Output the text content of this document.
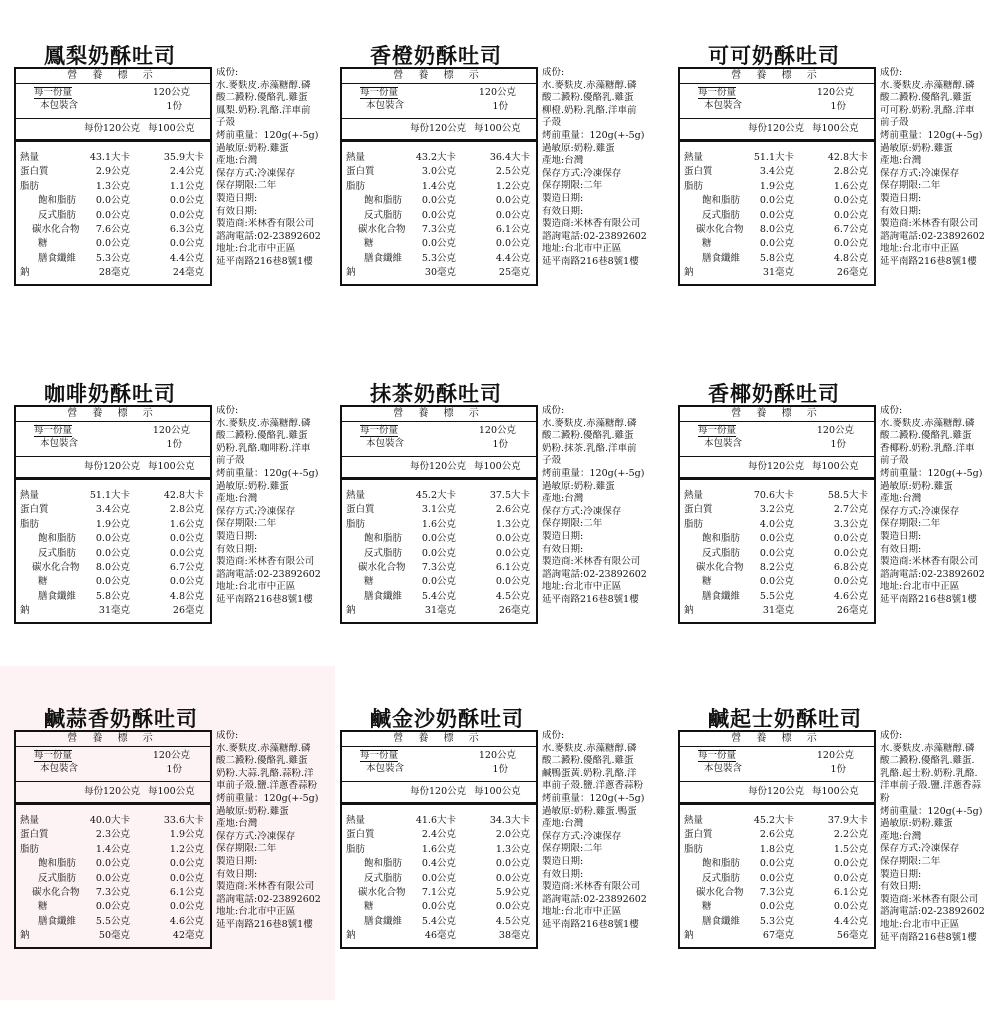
鳳梨奶酥吐司
營 養 標 示
每一份量	120公克
本包裝含	1份
每份120公克 每100公克
熱量	43.1大卡	35.9大卡
蛋白質	2.9公克	2.4公克
脂肪	1.3公克	1.1公克
飽和脂肪 0.0公克	0.0公克
反式脂肪 0.0公克	0.0公克
碳水化合物 7.6公克	6.3公克
糖	0.0公克	0.0公克
膳食纖維 5.3公克	4.4公克
鈉	28毫克	24毫克
成份:
水.麥麩皮.赤藻糖醇.磷
酸二澱粉.優酪乳.雞蛋
鳳梨.奶粉.乳酪.洋車前
子殼
烤前重量：120g(+-5g)
過敏原:奶粉.雞蛋
產地:台灣
保存方式:冷凍保存
保存期限:二年
製造日期:
有效日期:
製造商:米林香有限公司
諮詢電話:02-23892602
地址:台北市中正區
延平南路216巷8號1樓
香橙奶酥吐司
營 養 標 示
每一份量	120公克
本包裝含	1份
每份120公克 每100公克
熱量	43.2大卡	36.4大卡
蛋白質	3.0公克	2.5公克
脂肪	1.4公克	1.2公克
飽和脂肪 0.0公克	0.0公克
反式脂肪 0.0公克	0.0公克
碳水化合物 7.3公克	6.1公克
糖	0.0公克	0.0公克
膳食纖維 5.3公克	4.4公克
鈉	30毫克	25毫克
成份:
水.麥麩皮.赤藻糖醇.磷
酸二澱粉.優酪乳.雞蛋
柳橙.奶粉.乳酪.洋車前
子殼
烤前重量：120g(+-5g)
過敏原:奶粉.雞蛋
產地:台灣
保存方式:冷凍保存
保存期限:二年
製造日期:
有效日期:
製造商:米林香有限公司
諮詢電話:02-23892602
地址:台北市中正區
延平南路216巷8號1樓
可可奶酥吐司
營 養 標 示
每一份量	120公克
本包裝含	1份
每份120公克 每100公克
熱量	51.1大卡	42.8大卡
蛋白質	3.4公克	2.8公克
脂肪	1.9公克	1.6公克
飽和脂肪 0.0公克	0.0公克
反式脂肪 0.0公克	0.0公克
碳水化合物 8.0公克	6.7公克
糖	0.0公克	0.0公克
膳食纖維 5.8公克	4.8公克
鈉	31毫克	26毫克
成份:
水.麥麩皮.赤藻糖醇.磷
酸二澱粉.優酪乳.雞蛋
可可粉.奶粉.乳酪.洋車
前子殼
烤前重量：120g(+-5g)
過敏原:奶粉.雞蛋
產地:台灣
保存方式:冷凍保存
保存期限:二年
製造日期:
有效日期:
製造商:米林香有限公司
諮詢電話:02-23892602
地址:台北市中正區
延平南路216巷8號1樓
咖啡奶酥吐司
營 養 標 示
每一份量	120公克
本包裝含	1份
每份120公克 每100公克
熱量	51.1大卡	42.8大卡
蛋白質	3.4公克	2.8公克
脂肪	1.9公克	1.6公克
飽和脂肪 0.0公克	0.0公克
反式脂肪 0.0公克	0.0公克
碳水化合物 8.0公克	6.7公克
糖	0.0公克	0.0公克
膳食纖維 5.8公克	4.8公克
鈉	31毫克	26毫克
成份:
水.麥麩皮.赤藻糖醇.磷
酸二澱粉.優酪乳.雞蛋
奶粉.乳酪.咖啡粉.洋車
前子殼
烤前重量：120g(+-5g)
過敏原:奶粉.雞蛋
產地:台灣
保存方式:冷凍保存
保存期限:二年
製造日期:
有效日期:
製造商:米林香有限公司
諮詢電話:02-23892602
地址:台北市中正區
延平南路216巷8號1樓
抹茶奶酥吐司
營 養 標 示
每一份量	120公克
本包裝含	1份
每份120公克 每100公克
熱量	45.2大卡	37.5大卡
蛋白質	3.1公克	2.6公克
脂肪	1.6公克	1.3公克
飽和脂肪 0.0公克	0.0公克
反式脂肪 0.0公克	0.0公克
碳水化合物 7.3公克	6.1公克
糖	0.0公克	0.0公克
膳食纖維 5.4公克	4.5公克
鈉	31毫克	26毫克
成份:
水.麥麩皮.赤藻糖醇.磷
酸二澱粉.優酪乳.雞蛋
奶粉.抹茶.乳酪.洋車前
子殼
烤前重量：120g(+-5g)
過敏原:奶粉.雞蛋
產地:台灣
保存方式:冷凍保存
保存期限:二年
製造日期:
有效日期:
製造商:米林香有限公司
諮詢電話:02-23892602
地址:台北市中正區
延平南路216巷8號1樓
香椰奶酥吐司
營 養 標 示
每一份量	120公克
本包裝含	1份
每份120公克 每100公克
熱量	70.6大卡	58.5大卡
蛋白質	3.2公克	2.7公克
脂肪	4.0公克	3.3公克
飽和脂肪 0.0公克	0.0公克
反式脂肪 0.0公克	0.0公克
碳水化合物 8.2公克	6.8公克
糖	0.0公克	0.0公克
膳食纖維 5.5公克	4.6公克
鈉	31毫克	26毫克
成份:
水.麥麩皮.赤藻糖醇.磷
酸二澱粉.優酪乳.雞蛋
香椰粉.奶粉.乳酪.洋車
前子殼
烤前重量：120g(+-5g)
過敏原:奶粉.雞蛋
產地:台灣
保存方式:冷凍保存
保存期限:二年
製造日期:
有效日期:
製造商:米林香有限公司
諮詢電話:02-23892602
地址:台北市中正區
延平南路216巷8號1樓
鹹蒜香奶酥吐司
營 養 標 示
每一份量	120公克
本包裝含	1份
每份120公克 每100公克
熱量	40.0大卡	33.6大卡
蛋白質	2.3公克	1.9公克
脂肪	1.4公克	1.2公克
飽和脂肪 0.0公克	0.0公克
反式脂肪 0.0公克	0.0公克
碳水化合物 7.3公克	6.1公克
糖	0.0公克	0.0公克
膳食纖維 5.5公克	4.6公克
鈉	50毫克	42毫克
成份:
水.麥麩皮.赤藻糖醇.磷
酸二澱粉.優酪乳.雞蛋
奶粉.大蒜.乳酪.蒜粉.洋
車前子殼.鹽.洋蔥香蒜粉
烤前重量：120g(+-5g)
過敏原:奶粉.雞蛋
產地:台灣
保存方式:冷凍保存
保存期限:二年
製造日期:
有效日期:
製造商:米林香有限公司
諮詢電話:02-23892602
地址:台北市中正區
延平南路216巷8號1樓
鹹金沙奶酥吐司
營 養 標 示
每一份量	120公克
本包裝含	1份
每份120公克 每100公克
熱量	41.6大卡	34.3大卡
蛋白質	2.4公克	2.0公克
脂肪	1.6公克	1.3公克
飽和脂肪 0.4公克	0.0公克
反式脂肪 0.0公克	0.0公克
碳水化合物 7.1公克	5.9公克
糖	0.0公克	0.0公克
膳食纖維 5.4公克	4.5公克
鈉	46毫克	38毫克
成份:
水.麥麩皮.赤藻糖醇.磷
酸二澱粉.優酪乳.雞蛋
鹹鴨蛋黃.奶粉.乳酪.洋
車前子殼.鹽.洋蔥香蒜粉
烤前重量：120g(+-5g)
過敏原:奶粉.雞蛋.鴨蛋
產地:台灣
保存方式:冷凍保存
保存期限:二年
製造日期:
有效日期:
製造商:米林香有限公司
諮詢電話:02-23892602
地址:台北市中正區
延平南路216巷8號1樓
鹹起士奶酥吐司
營 養 標 示
每一份量	120公克
本包裝含	1份
每份120公克 每100公克
熱量	45.2大卡	37.9大卡
蛋白質	2.6公克	2.2公克
脂肪	1.8公克	1.5公克
飽和脂肪 0.0公克	0.0公克
反式脂肪 0.0公克	0.0公克
碳水化合物 7.3公克	6.1公克
糖	0.0公克	0.0公克
膳食纖維 5.3公克	4.4公克
鈉	67毫克	56毫克
成份:
水.麥麩皮.赤藻糖醇.磷
酸二澱粉.優酪乳.雞蛋.
乳酪.起士粉.奶粉.乳酪.
洋車前子殼.鹽.洋蔥香蒜
粉
烤前重量：120g(+-5g)
過敏原:奶粉.雞蛋
產地:台灣
保存方式:冷凍保存
保存期限:二年
製造日期:
有效日期:
製造商:米林香有限公司
諮詢電話:02-23892602
地址:台北市中正區
延平南路216巷8號1樓
